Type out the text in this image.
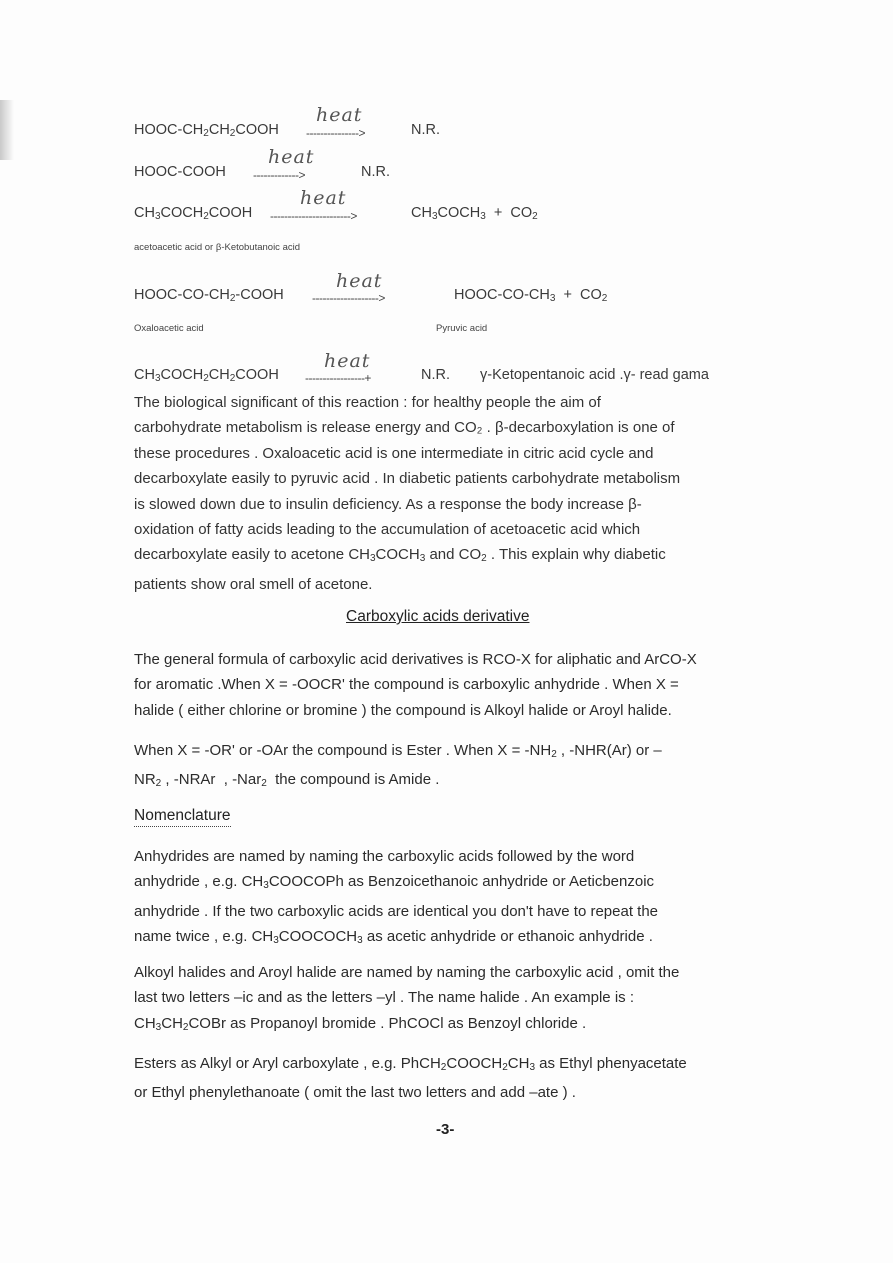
HOOC-$CH_2CH_2COOH$
heat
--------------->	N.R.
HOOC-COOH
heat
------------->	N.R.
$CH_3COCH_2COOH$
heat
----------------------->	$CH_3COCH_3 + CO_2$
acetoacetic acid or β-Ketobutanoic acid
HOOC-$CO-CH_2$-COOH
heat
------------------->	HOOC-$CO-CH_3 + CO_2$
Oxaloacetic acid	Pyruvic acid
$CH_3COCH_2CH_2COOH$
heat
-----------------+	N.R. γ-Ketopentanoic acid .γ- read gama

The biological significant of this reaction : for healthy people the aim of

carbohydrate metabolism is release energy and CO₂ . β-decarboxylation is one of

these procedures . Oxaloacetic acid is one intermediate in citric acid cycle and

decarboxylate easily to pyruvic acid . In diabetic patients carbohydrate metabolism

is slowed down due to insulin deficiency. As a response the body increase β-

oxidation of fatty acids leading to the accumulation of acetoacetic acid which

decarboxylate easily to acetone $CH_3COCH_3$ and $CO_2$ . This explain why diabetic

patients show oral smell of acetone.

Carboxylic acids derivative

The general formula of carboxylic acid derivatives is RCO-X for aliphatic and ArCO-X

for aromatic .When X = -OOCR' the compound is carboxylic anhydride . When X =

halide ( either chlorine or bromine ) the compound is Alkoyl halide or Aroyl halide.

When X = -OR' or -OAr the compound is Ester . When $X = -NH_2$ , -NHR(Ar) or –

$NR_2$ , -NRAr  , -Nar$_2$ the compound is Amide .

Nomenclature

Anhydrides are named by naming the carboxylic acids followed by the word

anhydride , e.g. $CH_3COOCOPh$ as Benzoicethanoic anhydride or Aeticbenzoic

anhydride . If the two carboxylic acids are identical you don't have to repeat the

name twice , e.g. $CH_3COOCOCH_3$ as acetic anhydride or ethanoic anhydride .

Alkoyl halides and Aroyl halide are named by naming the carboxylic acid , omit the

last two letters –ic and as the letters –yl . The name halide . An example is :

$CH_3CH_2COBr$ as Propanoyl bromide . PhCOCl as Benzoyl chloride .

Esters as Alkyl or Aryl carboxylate , e.g. $PhCH_2COOCH_2CH_3$ as Ethyl phenyacetate

or Ethyl phenylethanoate ( omit the last two letters and add –ate ) .

-3-
